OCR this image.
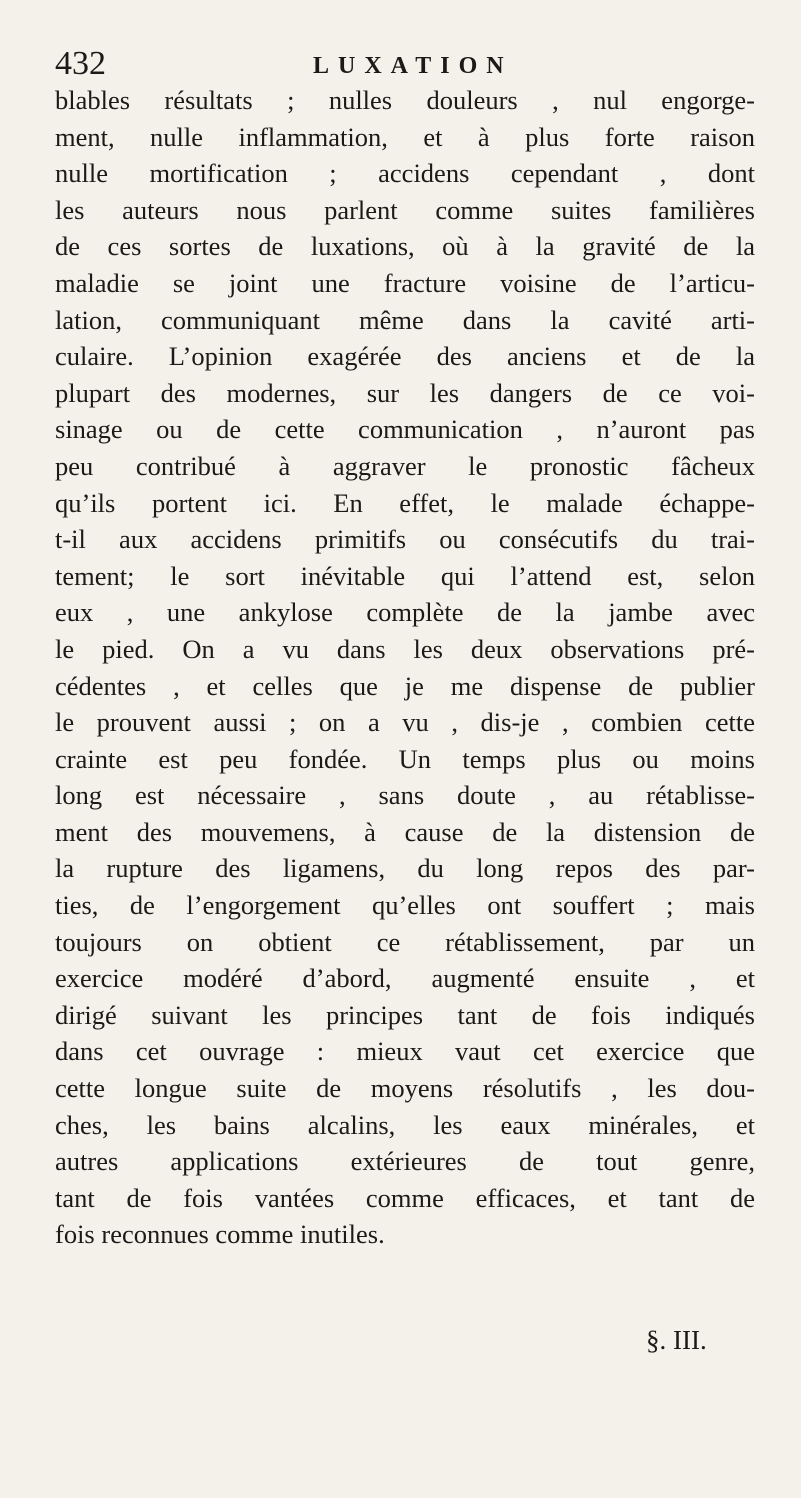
432	LUXATION
blables résultats ; nulles douleurs , nul engorge-
ment, nulle inflammation, et à plus forte raison
nulle mortification ; accidens cependant , dont
les auteurs nous parlent comme suites familières
de ces sortes de luxations, où à la gravité de la
maladie se joint une fracture voisine de l’articu-
lation, communiquant même dans la cavité arti-
culaire. L’opinion exagérée des anciens et de la
plupart des modernes, sur les dangers de ce voi-
sinage ou de cette communication , n’auront pas
peu contribué à aggraver le pronostic fâcheux
qu’ils portent ici. En effet, le malade échappe-
t-il aux accidens primitifs ou consécutifs du trai-
tement; le sort inévitable qui l’attend est, selon
eux , une ankylose complète de la jambe avec
le pied. On a vu dans les deux observations pré-
cédentes , et celles que je me dispense de publier
le prouvent aussi ; on a vu , dis-je , combien cette
crainte est peu fondée. Un temps plus ou moins
long est nécessaire , sans doute , au rétablisse-
ment des mouvemens, à cause de la distension de
la rupture des ligamens, du long repos des par-
ties, de l’engorgement qu’elles ont souffert ; mais
toujours on obtient ce rétablissement, par un
exercice modéré d’abord, augmenté ensuite , et
dirigé suivant les principes tant de fois indiqués
dans cet ouvrage : mieux vaut cet exercice que
cette longue suite de moyens résolutifs , les dou-
ches, les bains alcalins, les eaux minérales, et
autres applications extérieures de tout genre,
tant de fois vantées comme efficaces, et tant de
fois reconnues comme inutiles.
§. III.
